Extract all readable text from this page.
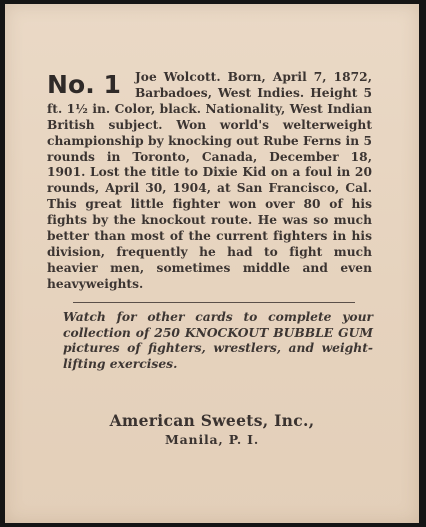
No. 1 Joe Wolcott. Born, April 7, 1872, Barbadoes, West Indies. Height 5 ft. 1½ in. Color, black. Nationality, West Indian British subject. Won world's welterweight championship by knocking out Rube Ferns in 5 rounds in Toronto, Canada, December 18, 1901. Lost the title to Dixie Kid on a foul in 20 rounds, April 30, 1904, at San Francisco, Cal. This great little fighter won over 80 of his fights by the knockout route. He was so much better than most of the current fighters in his division, frequently he had to fight much heavier men, sometimes middle and even heavyweights.

Watch for other cards to complete your collection of 250 KNOCKOUT BUBBLE GUM pictures of fighters, wrestlers, and weight-lifting exercises.

American Sweets, Inc.,
Manila, P. I.
